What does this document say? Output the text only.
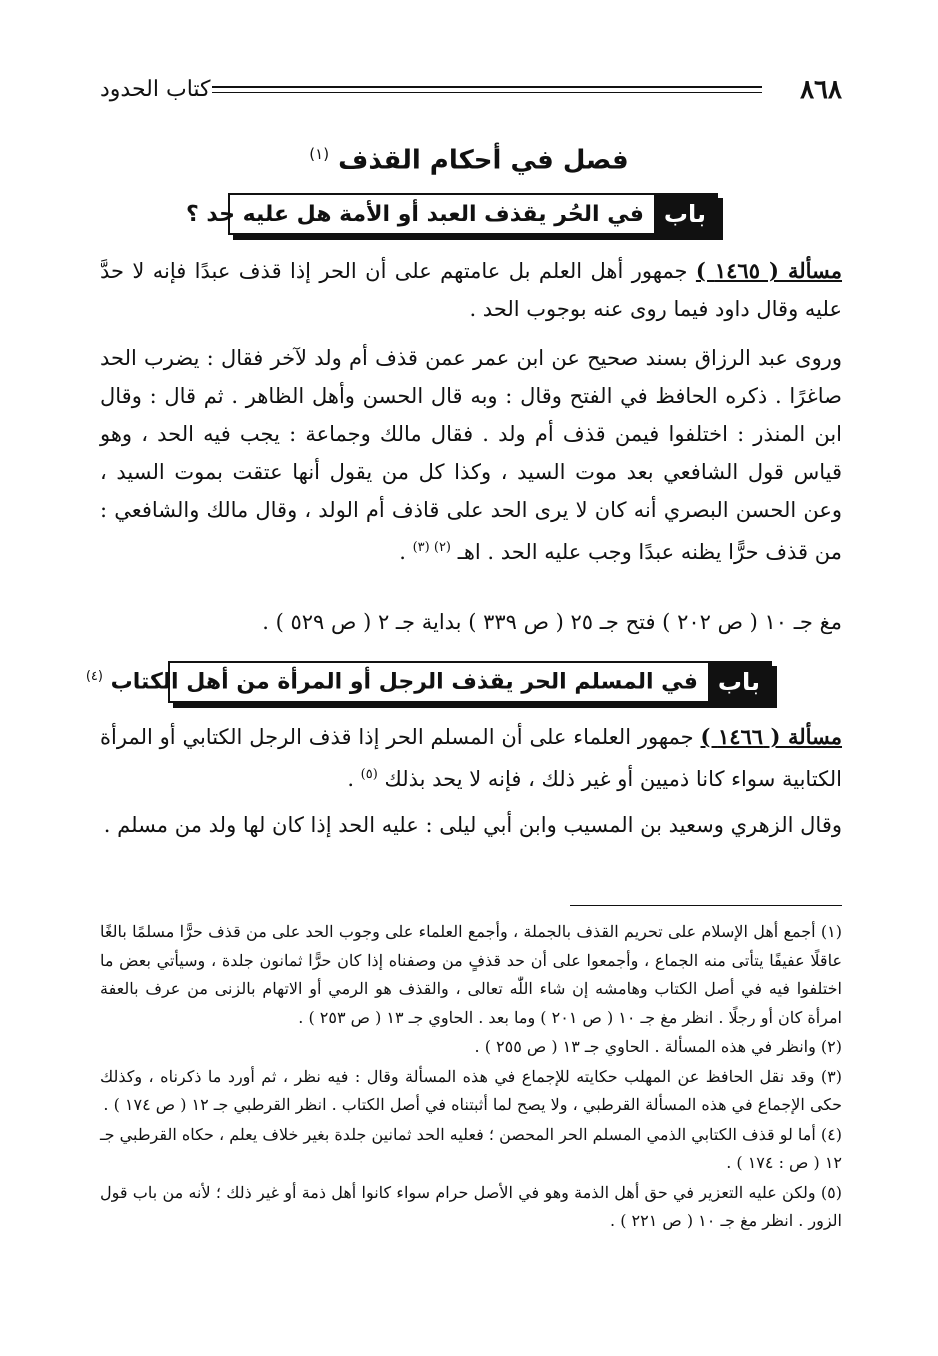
٨٦٨
كتاب الحدود
فصل في أحكام القذف $^{(١)}$
باب
في الحُر يقذف العبد أو الأمة هل عليه حد ؟

مسألة ( ١٤٦٥ ) جمهور أهل العلم بل عامتهم على أن الحر إذا قذف عبدًا فإنه لا حدَّ عليه وقال داود فيما روى عنه بوجوب الحد .

وروى عبد الرزاق بسند صحيح عن ابن عمر عمن قذف أم ولد لآخر فقال : يضرب الحد صاغرًا . ذكره الحافظ في الفتح وقال : وبه قال الحسن وأهل الظاهر . ثم قال : وقال ابن المنذر : اختلفوا فيمن قذف أم ولد . فقال مالك وجماعة : يجب فيه الحد ، وهو قياس قول الشافعي بعد موت السيد ، وكذا كل من يقول أنها عتقت بموت السيد ، وعن الحسن البصري أنه كان لا يرى الحد على قاذف أم الولد ، وقال مالك والشافعي : من قذف حرًّا يظنه عبدًا وجب عليه الحد . اهـ $^{(٢) (٣)}$ .

مغ جـ ١٠ ( ص ٢٠٢ ) فتح جـ ٢٥ ( ص ٣٣٩ ) بداية جـ ٢ ( ص ٥٢٩ ) .

باب
في المسلم الحر يقذف الرجل أو المرأة من أهل الكتاب $^{(٤)}$

مسألة ( ١٤٦٦ ) جمهور العلماء على أن المسلم الحر إذا قذف الرجل الكتابي أو المرأة الكتابية سواء كانا ذميين أو غير ذلك ، فإنه لا يحد بذلك $^{(٥)}$ .

وقال الزهري وسعيد بن المسيب وابن أبي ليلى : عليه الحد إذا كان لها ولد من مسلم .

(١) أجمع أهل الإسلام على تحريم القذف بالجملة ، وأجمع العلماء على وجوب الحد على من قذف حرًّا مسلمًا بالغًا عاقلًا عفيفًا يتأتى منه الجماع ، وأجمعوا على أن حد قذفٍ من وصفناه إذا كان حرًّا ثمانون جلدة ، وسيأتي بعض ما اختلفوا فيه في أصل الكتاب وهامشه إن شاء اللّٰه تعالى ، والقذف هو الرمي أو الاتهام بالزنى من عرف بالعفة امرأة كان أو رجلًا . انظر مغ جـ ١٠ ( ص ٢٠١ ) وما بعد . الحاوي جـ ١٣ ( ص ٢٥٣ ) .

(٢) وانظر في هذه المسألة . الحاوي جـ ١٣ ( ص ٢٥٥ ) .

(٣) وقد نقل الحافظ عن المهلب حكايته للإجماع في هذه المسألة وقال : فيه نظر ، ثم أورد ما ذكرناه ، وكذلك حكى الإجماع في هذه المسألة القرطبي ، ولا يصح لما أثبتناه في أصل الكتاب . انظر القرطبي جـ ١٢ ( ص ١٧٤ ) .

(٤) أما لو قذف الكتابي الذمي المسلم الحر المحصن ؛ فعليه الحد ثمانين جلدة بغير خلاف يعلم ، حكاه القرطبي جـ ١٢ ( ص : ١٧٤ ) .

(٥) ولكن عليه التعزير في حق أهل الذمة وهو في الأصل حرام سواء كانوا أهل ذمة أو غير ذلك ؛ لأنه من باب قول الزور . انظر مغ جـ ١٠ ( ص ٢٢١ ) .
